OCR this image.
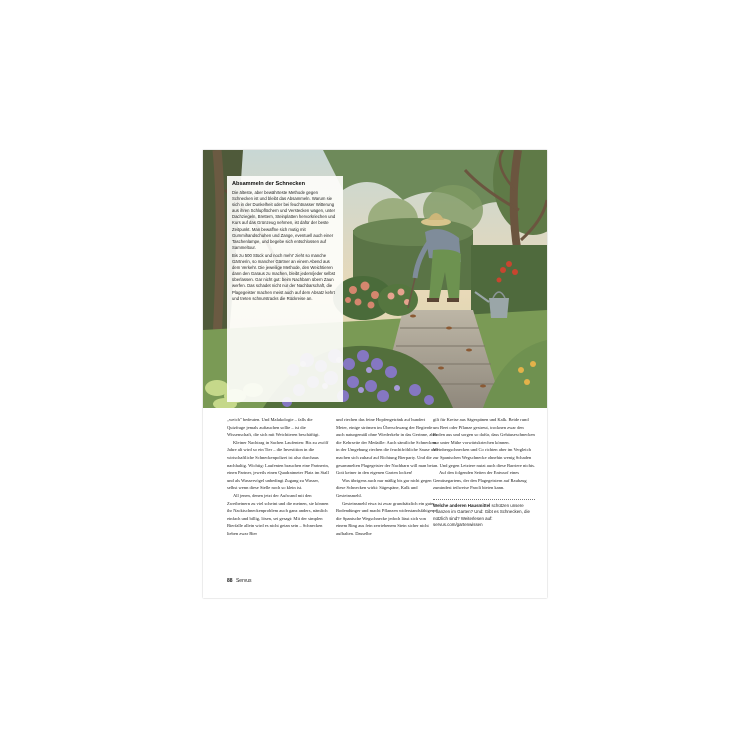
Absammeln der Schnecken

Die älteste, aber bewährteste Methode gegen Schnecken ist und bleibt das Absammeln. Warum sie sich in der Dunkelheit oder bei feuchtnasser Witterung aus ihren Schlupflöchern und Verstecken wagen, unter Dachziegeln, Brettern, Steinplatten hervorkriechen und Kurs auf das Grünzeug nehmen, ist dafür der beste Zeitpunkt. Man bewaffne sich mutig mit Gummihandschuhen und Zange, eventuell auch einer Taschenlampe, und begebe sich entschlossen auf Sammeltour.

Bis zu 500 Stück und noch mehr' zieht so manche Gärtnerin, so mancher Gärtner an einem Abend aus dem Verkehr. Die jeweilige Methode, den Weichtieren dann den Garaus zu machen, bleibt jedem/jeder selbst überlassen. Gar nicht gut: beim Nachbarn übern Zaun werfen. Das schadet nicht nur der Nachbarschaft, die Plagegeister machen meist auch auf dem Absatz kehrt und treten schnurstracks die Rückreise an.

„weich" bedeuten. Und Malakologie – falls die Quizfrage jemals auftauchen sollte – ist die Wissenschaft, die sich mit Weichtieren beschäftigt.

Kleiner Nachtrag in Sachen Laufenten: Bis zu zwölf Jahre alt wird so ein Tier – die Investition in die wirtschaftliche Schneckenpolizei ist also durchaus nachhaltig. Wichtig: Laufenten brauchen eine Partnerin, einen Partner, jeweils einen Quadratmeter Platz im Stall und als Wasservögel unbedingt Zugang zu Wasser, selbst wenn diese Stelle noch so klein ist.

All jenen, denen jetzt der Aufwand mit den Zweibeinern zu viel scheint und die meinen, sie können ihr Nacktschneckenproblem auch ganz anders, nämlich einfach und billig, lösen, sei gesagt: Mit der simplen Bierfalle allein wird es nicht getan sein – Schnecken lieben zwar Bier

und riechen das feine Hopfengetränk auf hundert Meter, einige strömen im Überschwang der Begierde auch naturgemäß ohne Wiederkehr in das Gerinne, aber die Kehrseite der Medaille: Auch sämtliche Schnecken in der Umgebung riechen die feuchtfröhliche Sause und machen sich zuhauf auf Richtung Bierparty. Und die gesammelten Plagegeister der Nachbarn will man bei Gott keiner in den eigenen Garten locken!

Was übrigens auch nur mäßig bis gar nicht gegen diese Schnecken wirkt: Sägespäne, Kalk und Gesteinsmehl.

Gesteinsmehl etwa ist zwar grundsätzlich ein guter Bodendünger und macht Pflanzen widerstandsfähiger, die Spanische Wegschnecke jedoch lässt sich von einem Ring aus fein zerriebenem Stein sicher nicht aufhalten. Dasselbe

gilt für Kreise aus Sägespänen und Kalk. Beide rund um Beet oder Pflanze gestreut, trocknen zwar den Boden aus und sorgen so dafür, dass Gehäuseschnecken nur unter Mühe vorwärtskriechen können. Weinbergschnecken und Co richten aber im Vergleich zur Spanischen Wegschnecke ohnehin wenig Schaden an. Und gegen Letztere nutzt auch diese Barriere nichts.

Auf den folgenden Seiten der Entwurf eines Gemüsegartens, der den Plagegeistern auf Raubzug zumindest teilweise Paroli bieten kann.

Welche anderen Hausmittel schützen unsere Pflanzen im Garten? Und: Gibt es Schnecken, die nützlich sind? Weiterlesen auf: servus.com/gartenwissen
88 Servus
